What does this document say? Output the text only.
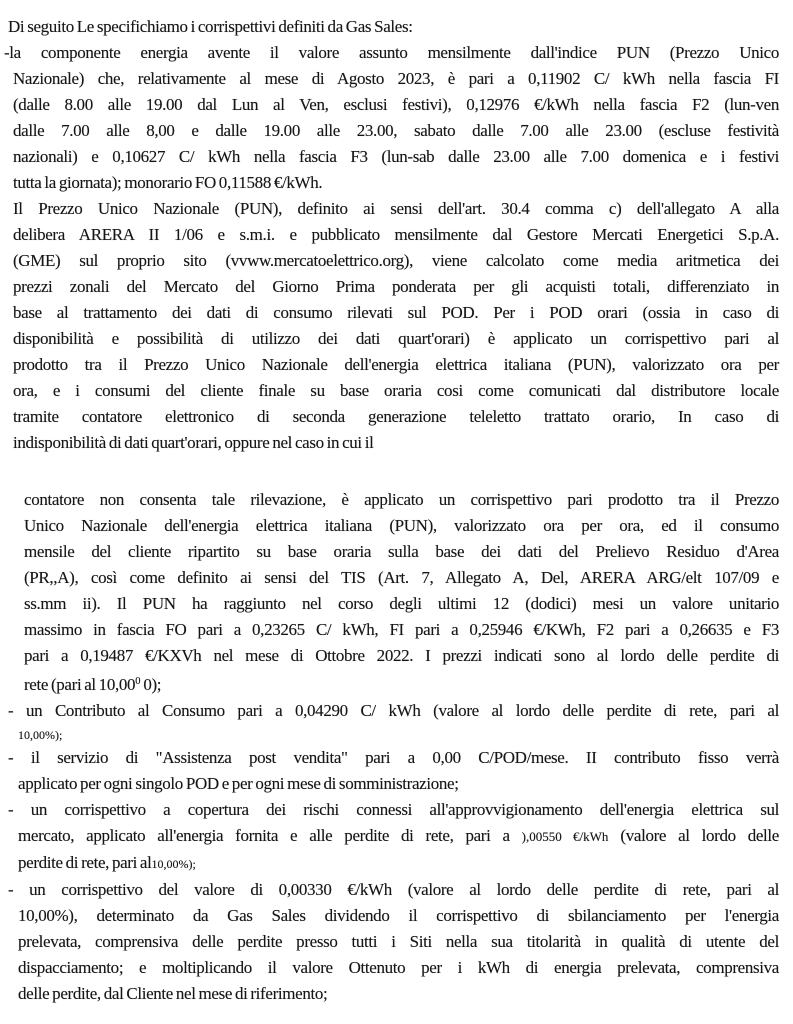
Di seguito Le specifichiamo i corrispettivi definiti da Gas Sales:
-la componente energia avente il valore assunto mensilmente dall'indice PUN (Prezzo Unico
Nazionale) che, relativamente al mese di Agosto 2023, è pari a 0,11902 C/ kWh nella fascia FI
(dalle 8.00 alle 19.00 dal Lun al Ven, esclusi festivi), 0,12976 €/kWh nella fascia F2 (lun-ven
dalle 7.00 alle 8,00 e dalle 19.00 alle 23.00, sabato dalle 7.00 alle 23.00 (escluse festività
nazionali) e 0,10627 C/ kWh nella fascia F3 (lun-sab dalle 23.00 alle 7.00 domenica e i festivi
tutta la giornata); monorario FO 0,11588 €/kWh.
Il Prezzo Unico Nazionale (PUN), definito ai sensi dell'art. 30.4 comma c) dell'allegato A alla
delibera ARERA II 1/06 e s.m.i. e pubblicato mensilmente dal Gestore Mercati Energetici S.p.A.
(GME) sul proprio sito (vvww.mercatoelettrico.org), viene calcolato come media aritmetica dei
prezzi zonali del Mercato del Giorno Prima ponderata per gli acquisti totali, differenziato in
base al trattamento dei dati di consumo rilevati sul POD. Per i POD orari (ossia in caso di
disponibilità e possibilità di utilizzo dei dati quart'orari) è applicato un corrispettivo pari al
prodotto tra il Prezzo Unico Nazionale dell'energia elettrica italiana (PUN), valorizzato ora per
ora, e i consumi del cliente finale su base oraria cosi come comunicati dal distributore locale
tramite contatore elettronico di seconda generazione teleletto trattato orario, In caso di
indisponibilità di dati quart'orari, oppure nel caso in cui il
contatore non consenta tale rilevazione, è applicato un corrispettivo pari prodotto tra il Prezzo
Unico Nazionale dell'energia elettrica italiana (PUN), valorizzato ora per ora, ed il consumo
mensile del cliente ripartito su base oraria sulla base dei dati del Prelievo Residuo d'Area
(PR,,A), così come definito ai sensi del TIS (Art. 7, Allegato A, Del, ARERA ARG/elt 107/09 e
ss.mm ii). Il PUN ha raggiunto nel corso degli ultimi 12 (dodici) mesi un valore unitario
massimo in fascia FO pari a 0,23265 C/ kWh, FI pari a 0,25946 €/KWh, F2 pari a 0,26635 e F3
pari a 0,19487 €/KXVh nel mese di Ottobre 2022. I prezzi indicati sono al lordo delle perdite di
rete (pari al 10,00$^0$ 0);
- un Contributo al Consumo pari a 0,04290 C/ kWh (valore al lordo delle perdite di rete, pari al
10,00%);
- il servizio di "Assistenza post vendita" pari a 0,00 C/POD/mese. II contributo fisso verrà
applicato per ogni singolo POD e per ogni mese di somministrazione;
- un corrispettivo a copertura dei rischi connessi all'approvvigionamento dell'energia elettrica sul
mercato, applicato all'energia fornita e alle perdite di rete, pari a ),00550 €/kWh (valore al lordo delle
perdite di rete, pari al10,00%);
- un corrispettivo del valore di 0,00330 €/kWh (valore al lordo delle perdite di rete, pari al
10,00%), determinato da Gas Sales dividendo il corrispettivo di sbilanciamento per l'energia
prelevata, comprensiva delle perdite presso tutti i Siti nella sua titolarità in qualità di utente del
dispacciamento; e moltiplicando il valore Ottenuto per i kWh di energia prelevata, comprensiva
delle perdite, dal Cliente nel mese di riferimento;
